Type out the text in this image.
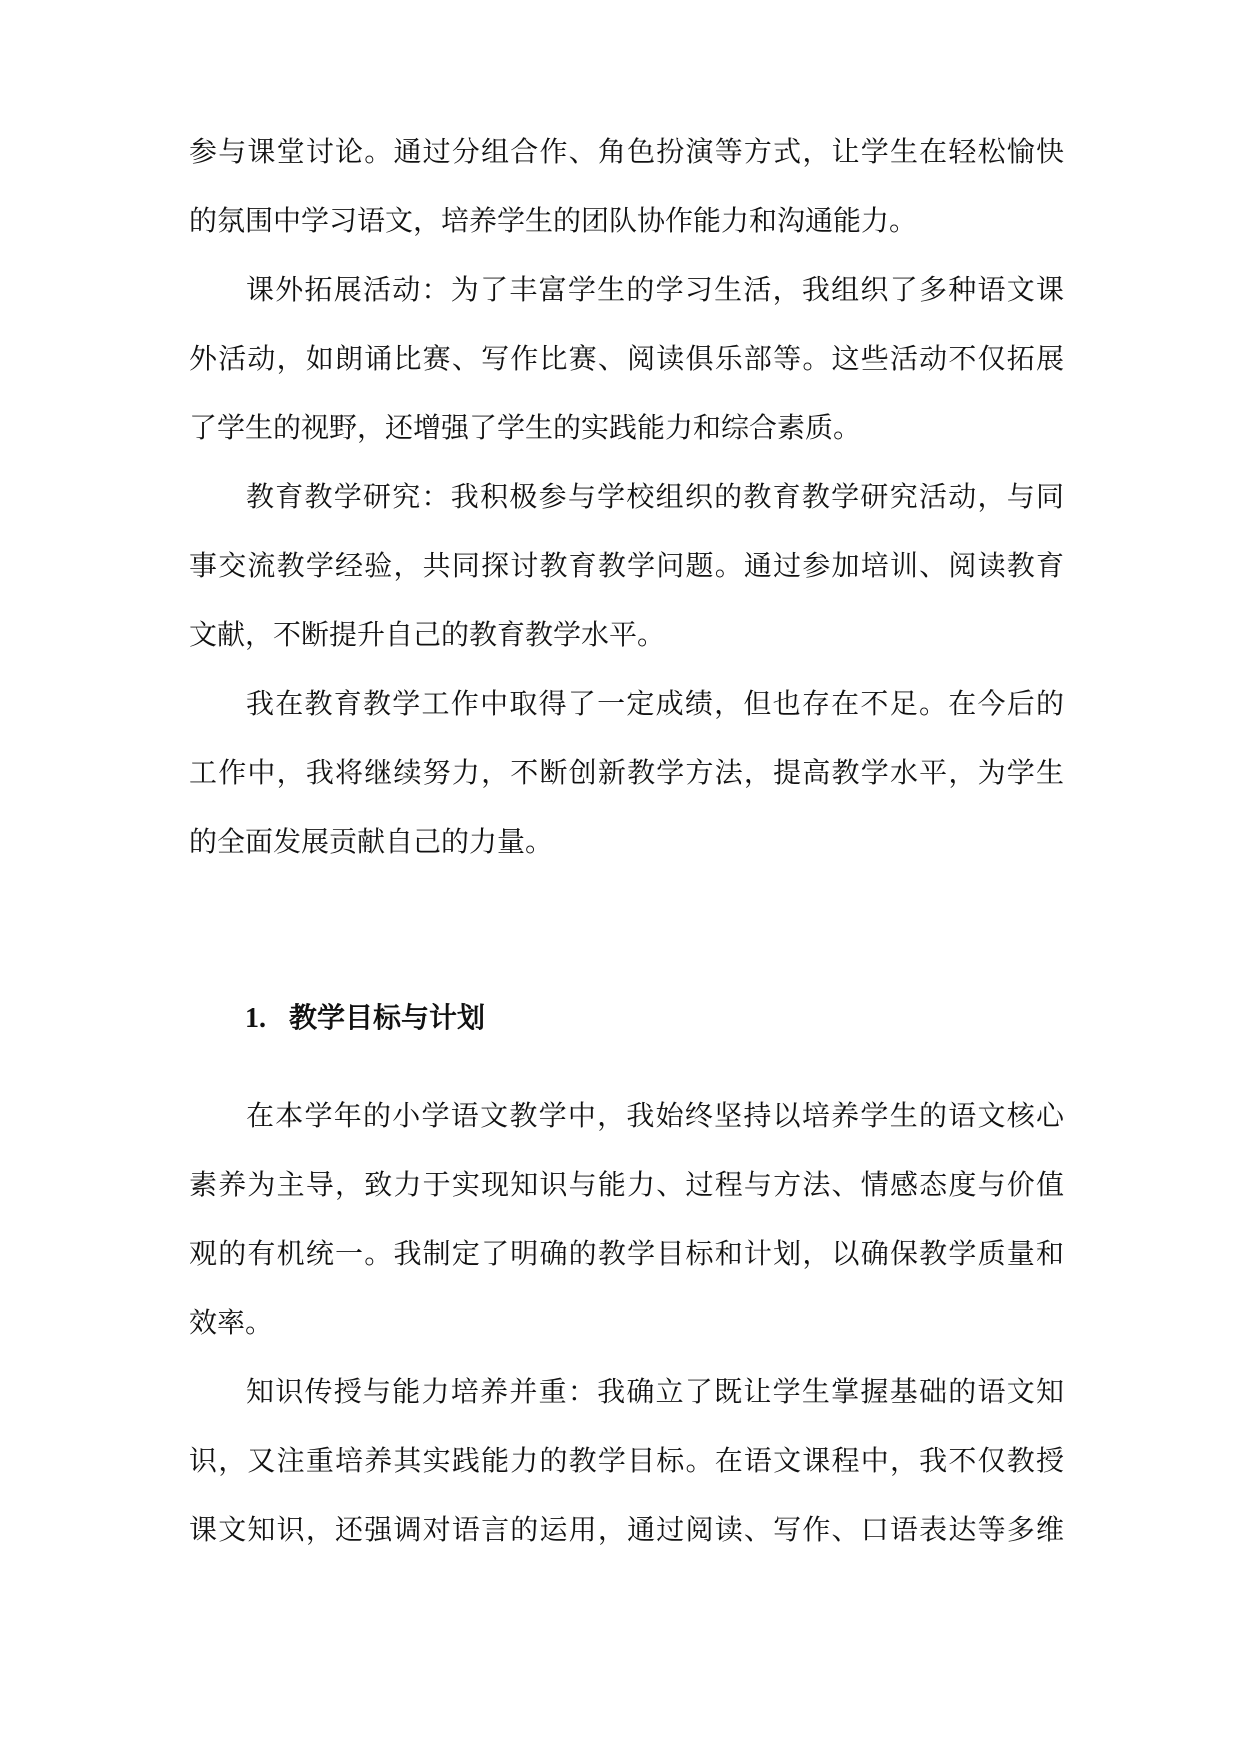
参与课堂讨论。通过分组合作、角色扮演等方式，让学生在轻松愉快

的氛围中学习语文，培养学生的团队协作能力和沟通能力。

课外拓展活动：为了丰富学生的学习生活，我组织了多种语文课

外活动，如朗诵比赛、写作比赛、阅读俱乐部等。这些活动不仅拓展

了学生的视野，还增强了学生的实践能力和综合素质。

教育教学研究：我积极参与学校组织的教育教学研究活动，与同

事交流教学经验，共同探讨教育教学问题。通过参加培训、阅读教育

文献，不断提升自己的教育教学水平。

我在教育教学工作中取得了一定成绩，但也存在不足。在今后的

工作中，我将继续努力，不断创新教学方法，提高教学水平，为学生

的全面发展贡献自己的力量。

1. 教学目标与计划

在本学年的小学语文教学中，我始终坚持以培养学生的语文核心

素养为主导，致力于实现知识与能力、过程与方法、情感态度与价值

观的有机统一。我制定了明确的教学目标和计划，以确保教学质量和

效率。

知识传授与能力培养并重：我确立了既让学生掌握基础的语文知

识，又注重培养其实践能力的教学目标。在语文课程中，我不仅教授

课文知识，还强调对语言的运用，通过阅读、写作、口语表达等多维
